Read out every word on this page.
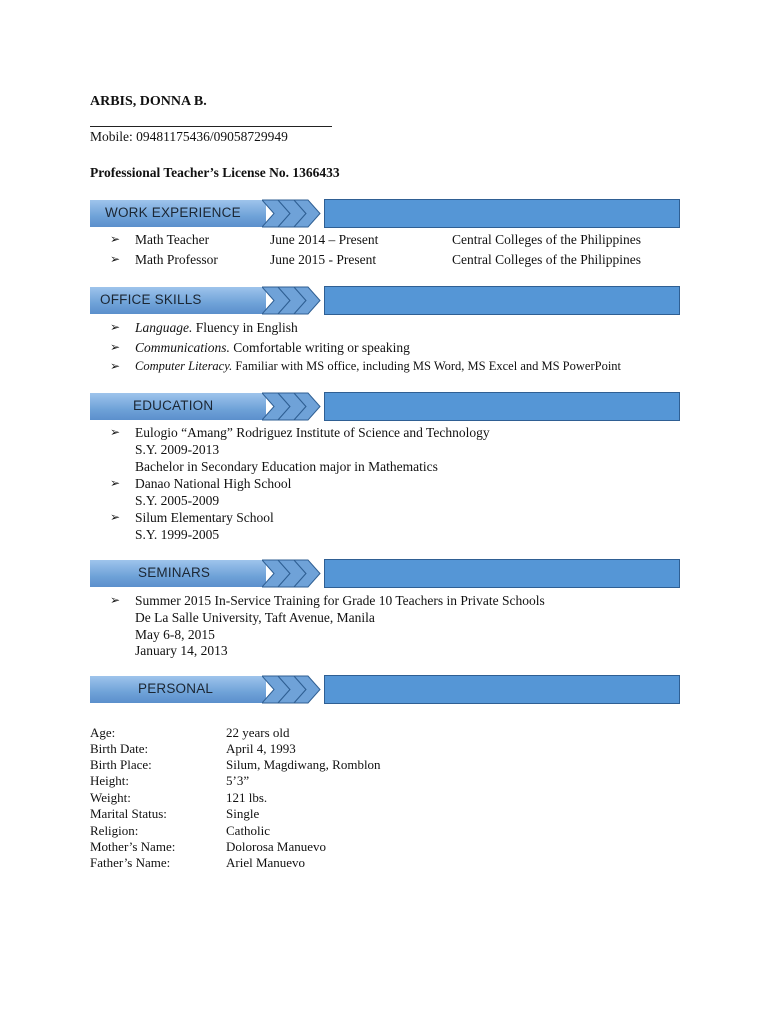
ARBIS, DONNA B.
Mobile: 09481175436/09058729949
Professional Teacher’s License No. 1366433
WORK EXPERIENCE
➢ Math Teacher	June 2014 – Present	Central Colleges of the Philippines
➢ Math Professor	June 2015 - Present	Central Colleges of the Philippines
OFFICE SKILLS
➢ Language. Fluency in English
➢ Communications. Comfortable writing or speaking
➢ Computer Literacy. Familiar with MS office, including MS Word, MS Excel and MS PowerPoint
EDUCATION
➢ Eulogio “Amang” Rodriguez Institute of Science and Technology
S.Y. 2009-2013
Bachelor in Secondary Education major in Mathematics
➢ Danao National High School
S.Y. 2005-2009
➢ Silum Elementary School
S.Y. 1999-2005
SEMINARS
➢ Summer 2015 In-Service Training for Grade 10 Teachers in Private Schools
De La Salle University, Taft Avenue, Manila
May 6-8, 2015
January 14, 2013
PERSONAL
Age:	22 years old
Birth Date:	April 4, 1993
Birth Place:	Silum, Magdiwang, Romblon
Height:	5’3”
Weight:	121 lbs.
Marital Status:	Single
Religion:	Catholic
Mother’s Name:	Dolorosa Manuevo
Father’s Name:	Ariel Manuevo
